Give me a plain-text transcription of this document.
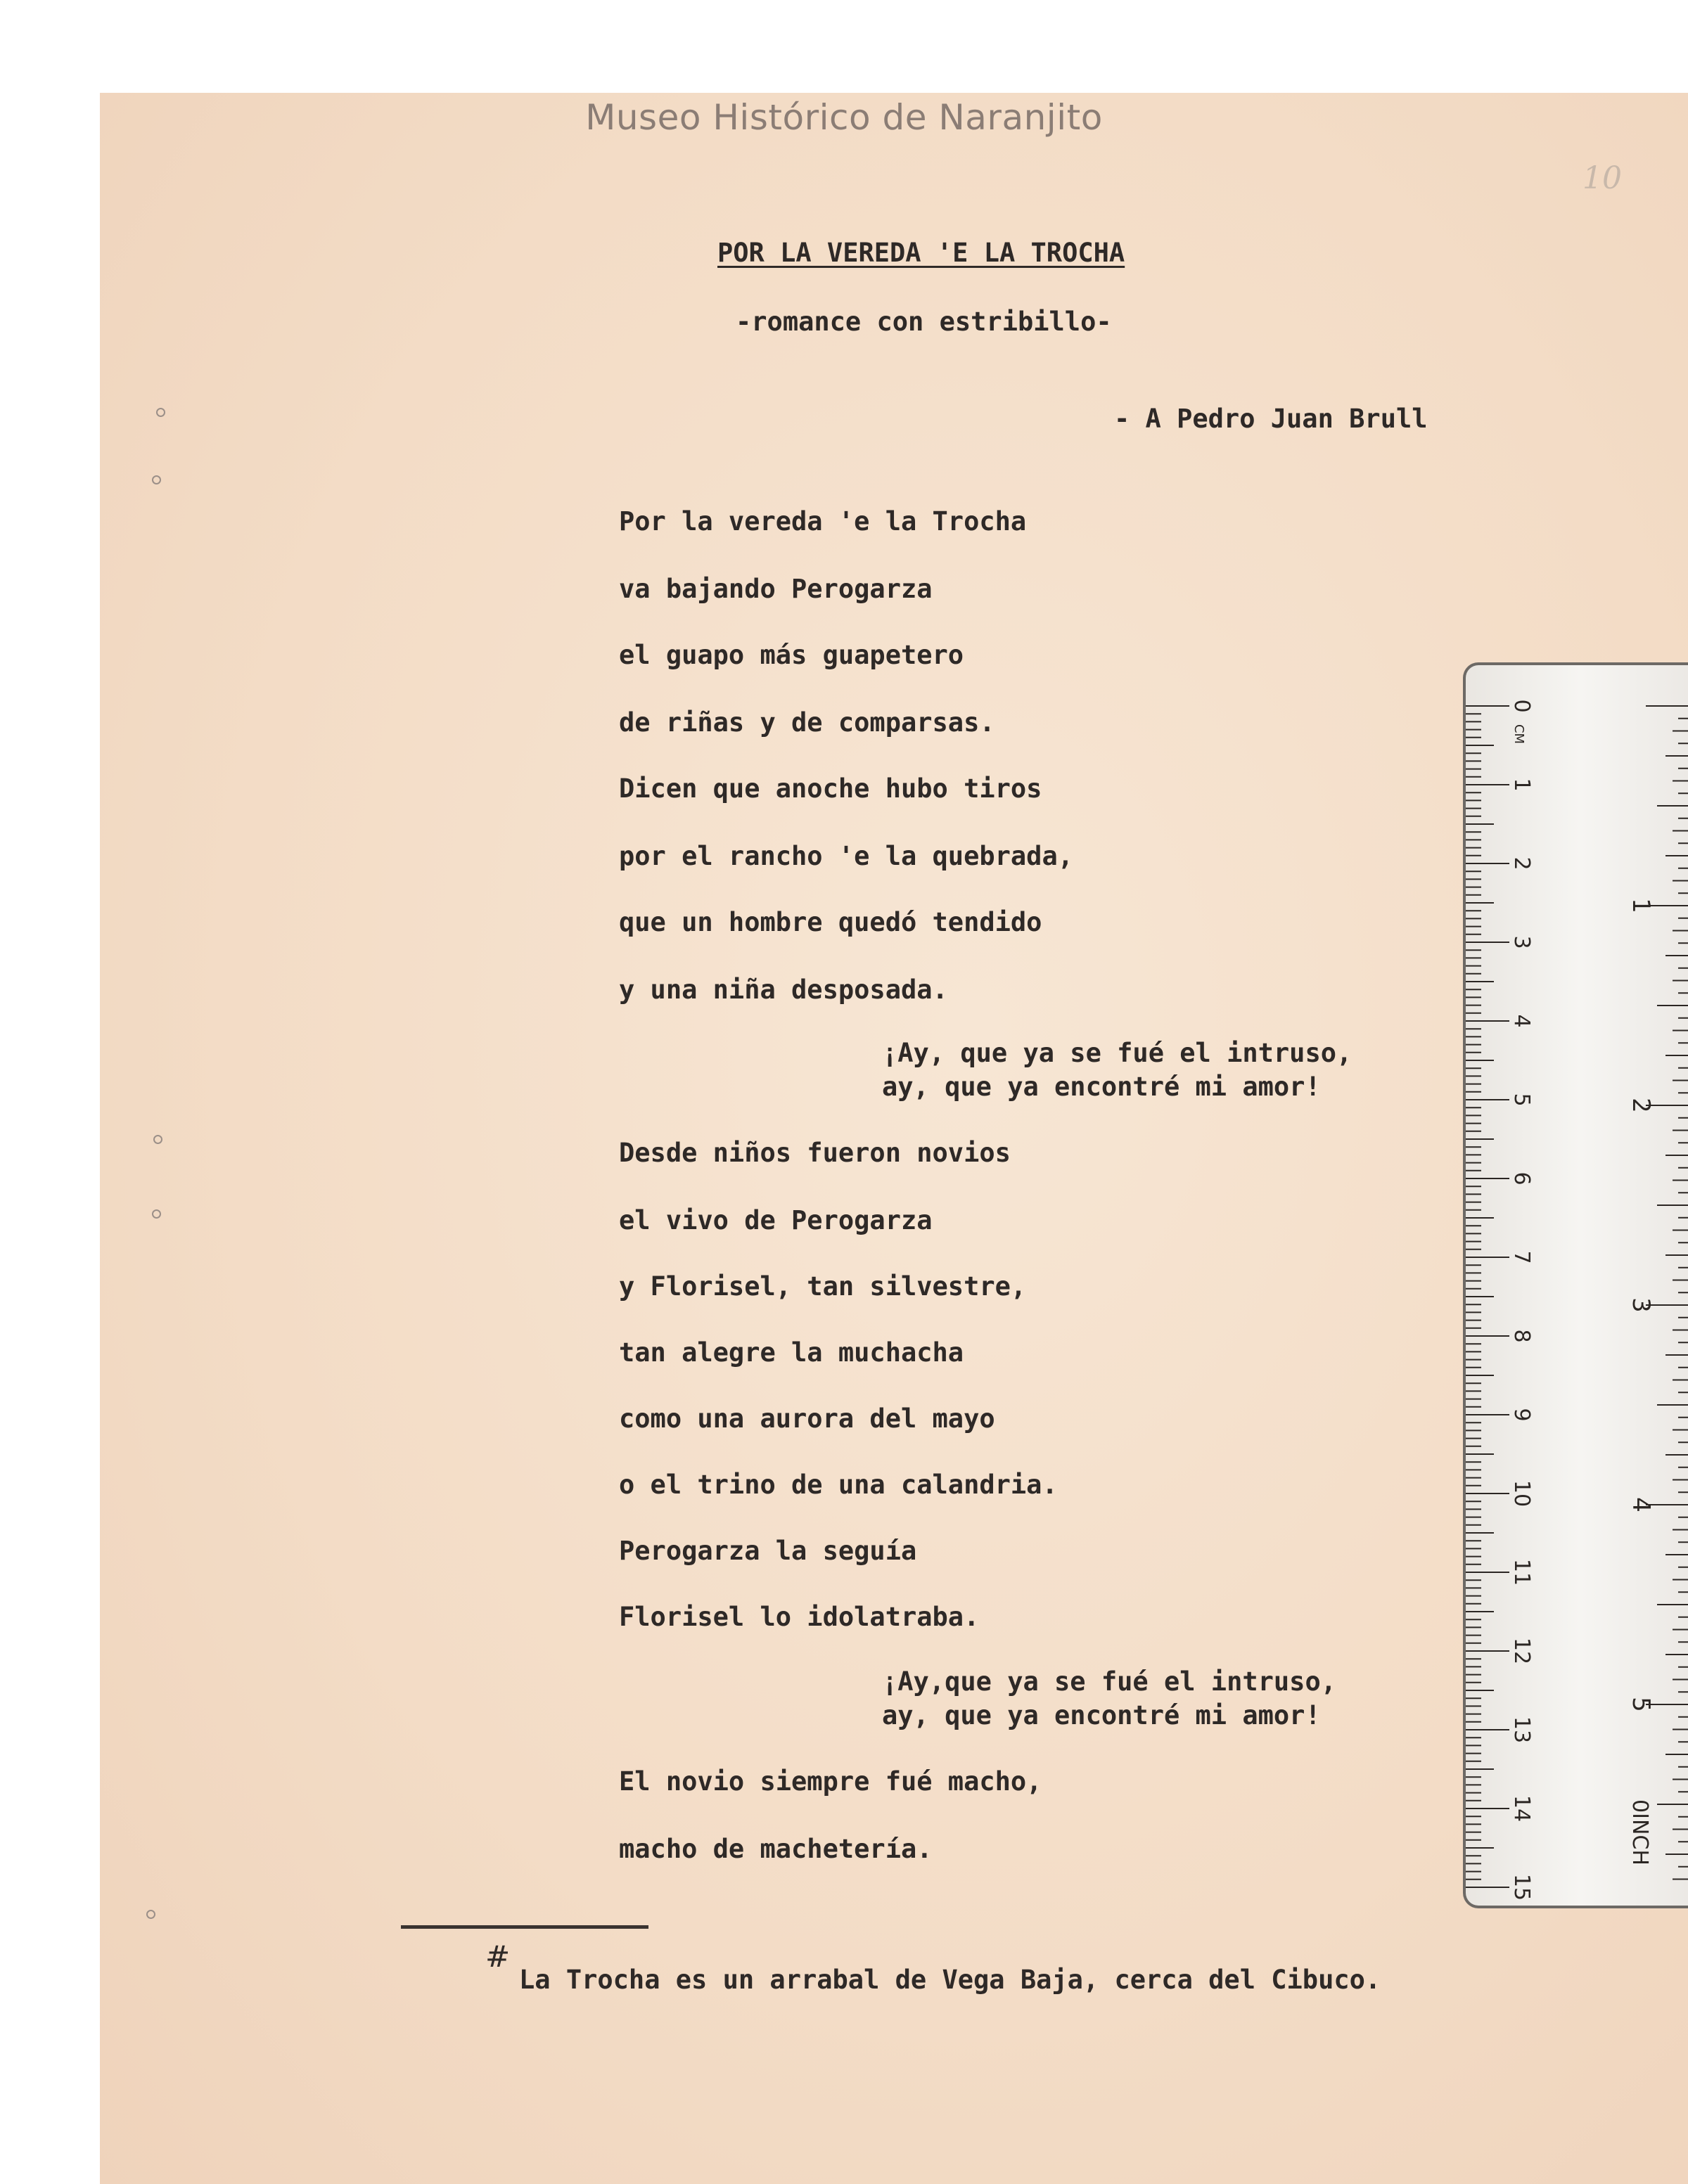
Museo Histórico de Naranjito
10
POR LA VEREDA 'E LA TROCHA
-romance con estribillo-
- A Pedro Juan Brull
Por la vereda 'e la Trocha
va bajando Perogarza
el guapo más guapetero
de riñas y de comparsas.
Dicen que anoche hubo tiros
por el rancho 'e la quebrada,
que un hombre quedó tendido
y una niña desposada.
¡Ay, que ya se fué el intruso,
ay, que ya encontré mi amor!
Desde niños fueron novios
el vivo de Perogarza
y Florisel, tan silvestre,
tan alegre la muchacha
como una aurora del mayo
o el trino de una calandria.
Perogarza la seguía
Florisel lo idolatraba.
¡Ay,que ya se fué el intruso,
ay, que ya encontré mi amor!
El novio siempre fué macho,
macho de machetería.
#
La Trocha es un arrabal de Vega Baja, cerca del Cibuco.
0
1
2
3
4
5
6
7
8
9
10
11
12
13
14
15
CM
1
2
3
4
5
0INCH
